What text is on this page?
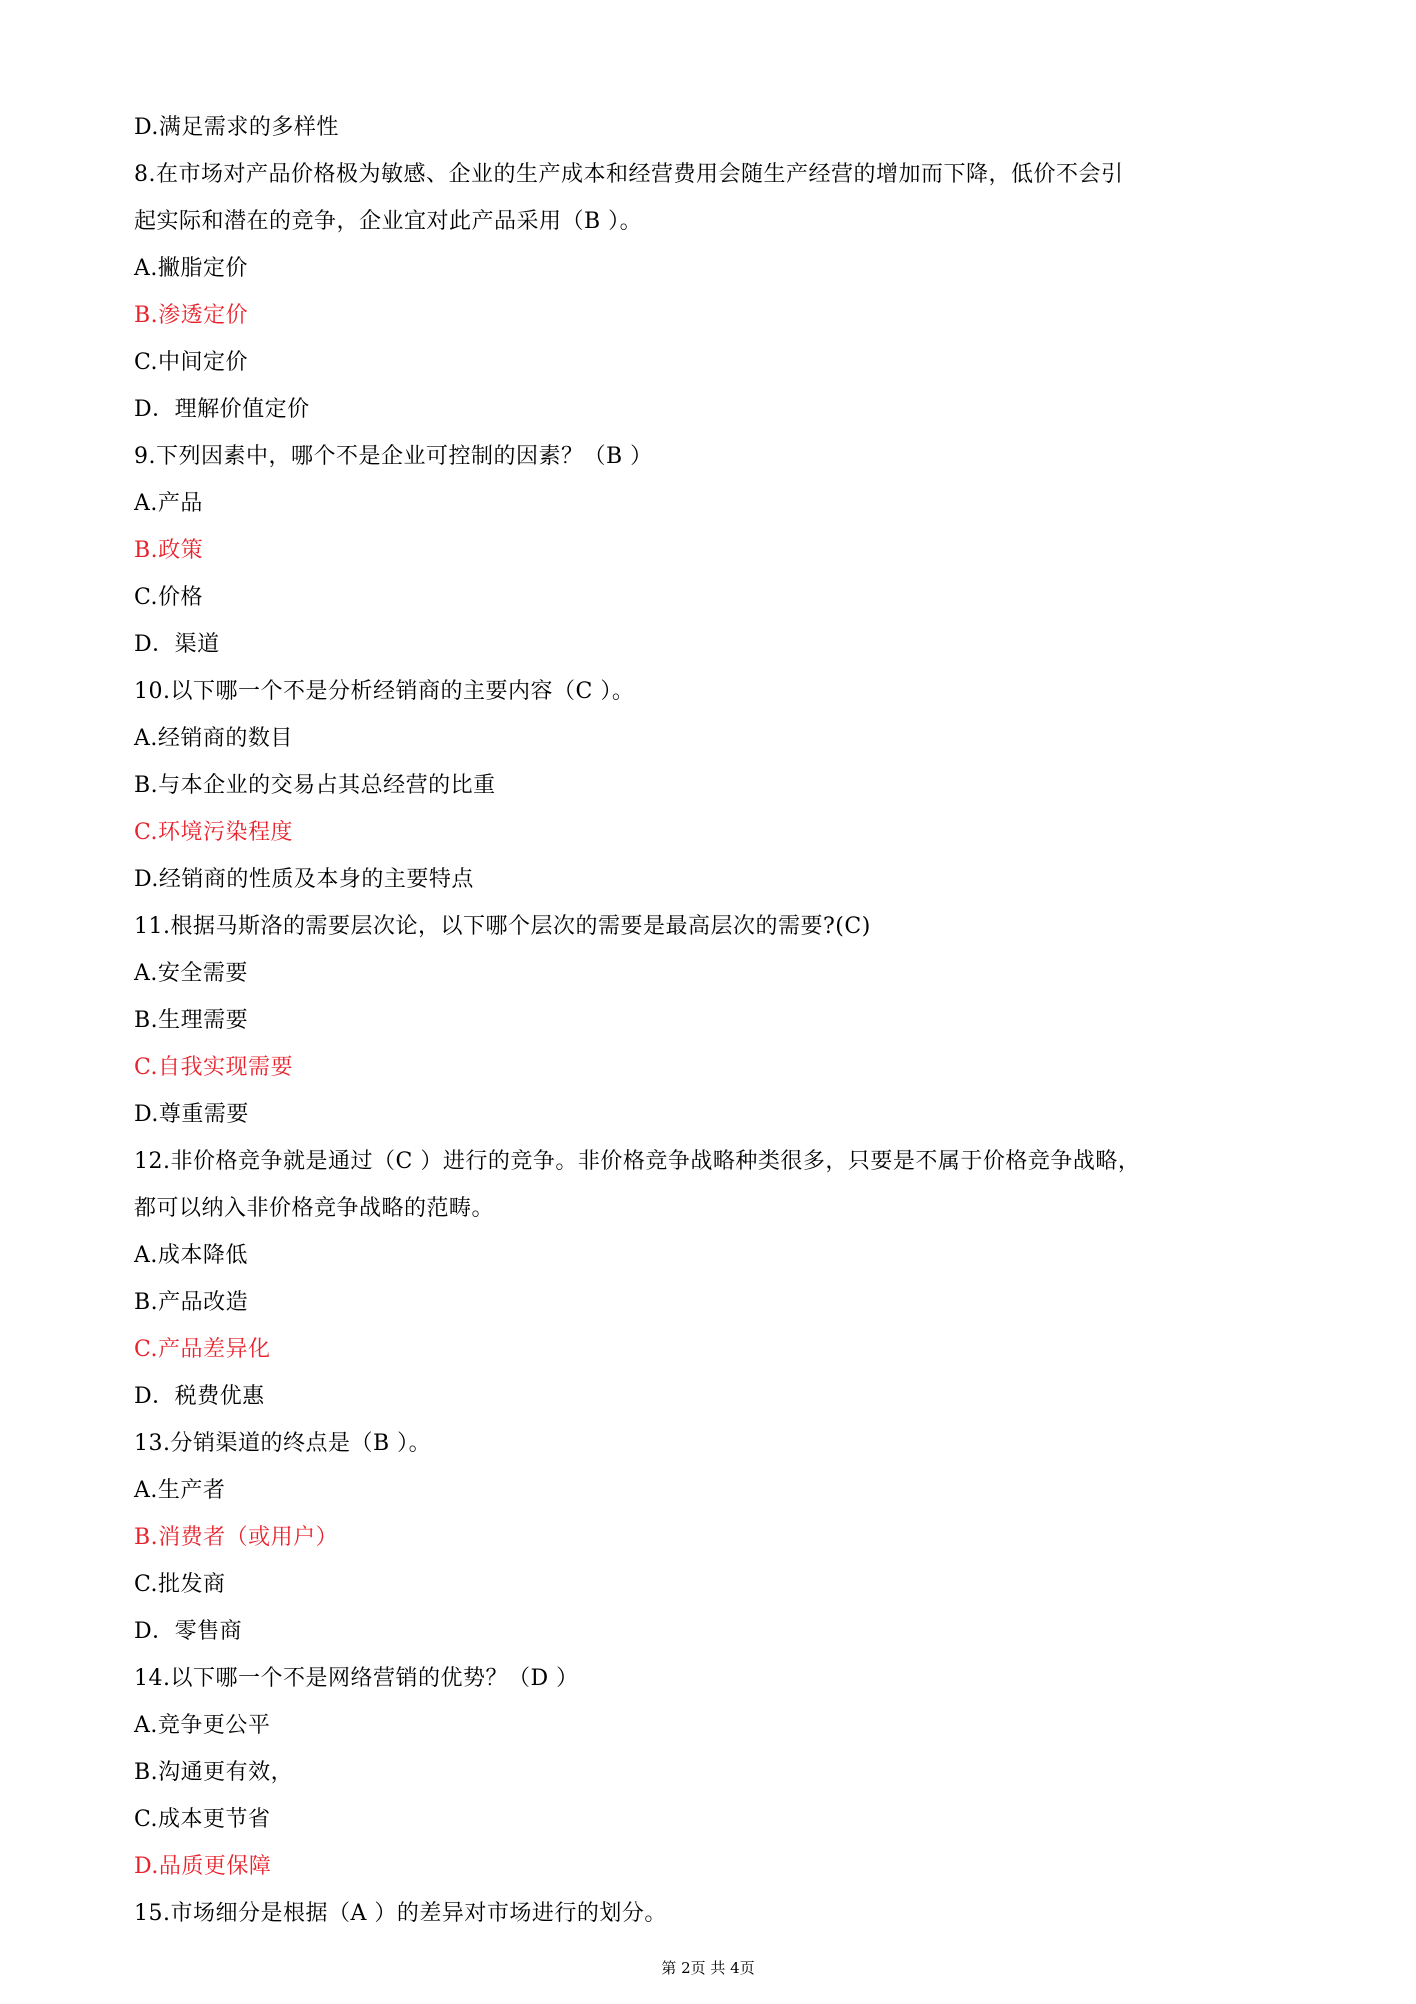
D.满足需求的多样性
8.在市场对产品价格极为敏感、企业的生产成本和经营费用会随生产经营的增加而下降，低价不会引
起实际和潜在的竞争，企业宜对此产品采用（B ）。
A.撇脂定价
B.渗透定价
C.中间定价
D．理解价值定价
9.下列因素中，哪个不是企业可控制的因素？（B ）
A.产品
B.政策
C.价格
D．渠道
10.以下哪一个不是分析经销商的主要内容（C ）。
A.经销商的数目
B.与本企业的交易占其总经营的比重
C.环境污染程度
D.经销商的性质及本身的主要特点
11.根据马斯洛的需要层次论，以下哪个层次的需要是最高层次的需要?(C)
A.安全需要
B.生理需要
C.自我实现需要
D.尊重需要
12.非价格竞争就是通过（C ）进行的竞争。非价格竞争战略种类很多，只要是不属于价格竞争战略，
都可以纳入非价格竞争战略的范畴。
A.成本降低
B.产品改造
C.产品差异化
D．税费优惠
13.分销渠道的终点是（B ）。
A.生产者
B.消费者（或用户）
C.批发商
D．零售商
14.以下哪一个不是网络营销的优势？（D ）
A.竞争更公平
B.沟通更有效，
C.成本更节省
D.品质更保障
15.市场细分是根据（A ）的差异对市场进行的划分。
第 2页 共 4页
